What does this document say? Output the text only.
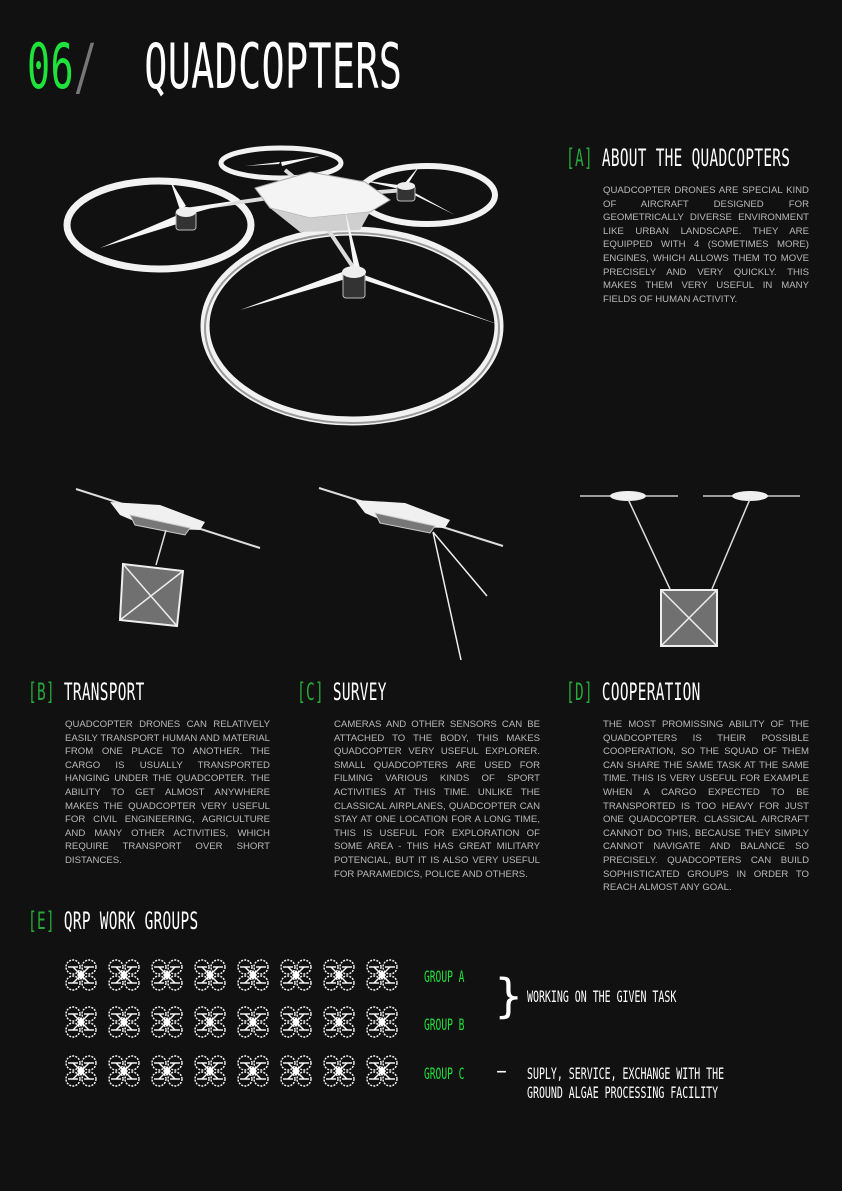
06/ QUADCOPTERS
[A] ABOUT THE QUADCOPTERS
QUADCOPTER DRONES ARE SPECIAL KIND OF AIRCRAFT DESIGNED FOR GEOMETRICALLY DIVERSE ENVIRONMENT LIKE URBAN LANDSCAPE. THEY ARE EQUIPPED WITH 4 (SOMETIMES MORE) ENGINES, WHICH ALLOWS THEM TO MOVE PRECISELY AND VERY QUICKLY. THIS MAKES THEM VERY USEFUL IN MANY FIELDS OF HUMAN ACTIVITY.
[B] TRANSPORT
QUADCOPTER DRONES CAN RELATIVELY EASILY TRANSPORT HUMAN AND MATERIAL FROM ONE PLACE TO ANOTHER. THE CARGO IS USUALLY TRANSPORTED HANGING UNDER THE QUADCOPTER. THE ABILITY TO GET ALMOST ANYWHERE MAKES THE QUADCOPTER VERY USEFUL FOR CIVIL ENGINEERING, AGRICULTURE AND MANY OTHER ACTIVITIES, WHICH REQUIRE TRANSPORT OVER SHORT DISTANCES.
[C] SURVEY
CAMERAS AND OTHER SENSORS CAN BE ATTACHED TO THE BODY, THIS MAKES QUADCOPTER VERY USEFUL EXPLORER. SMALL QUADCOPTERS ARE USED FOR FILMING VARIOUS KINDS OF SPORT ACTIVITIES AT THIS TIME. UNLIKE THE CLASSICAL AIRPLANES, QUADCOPTER CAN STAY AT ONE LOCATION FOR A LONG TIME, THIS IS USEFUL FOR EXPLORATION OF SOME AREA - THIS HAS GREAT MILITARY POTENCIAL, BUT IT IS ALSO VERY USEFUL FOR PARAMEDICS, POLICE AND OTHERS.
[D] COOPERATION
THE MOST PROMISSING ABILITY OF THE QUADCOPTERS IS THEIR POSSIBLE COOPERATION, SO THE SQUAD OF THEM CAN SHARE THE SAME TASK AT THE SAME TIME. THIS IS VERY USEFUL FOR EXAMPLE WHEN A CARGO EXPECTED TO BE TRANSPORTED IS TOO HEAVY FOR JUST ONE QUADCOPTER. CLASSICAL AIRCRAFT CANNOT DO THIS, BECAUSE THEY SIMPLY CANNOT NAVIGATE AND BALANCE SO PRECISELY. QUADCOPTERS CAN BUILD SOPHISTICATED GROUPS IN ORDER TO REACH ALMOST ANY GOAL.
[E] QRP WORK GROUPS
GROUP A
GROUP B
GROUP C
} WORKING ON THE GIVEN TASK
– SUPLY, SERVICE, EXCHANGE WITH THE
GROUND ALGAE PROCESSING FACILITY
